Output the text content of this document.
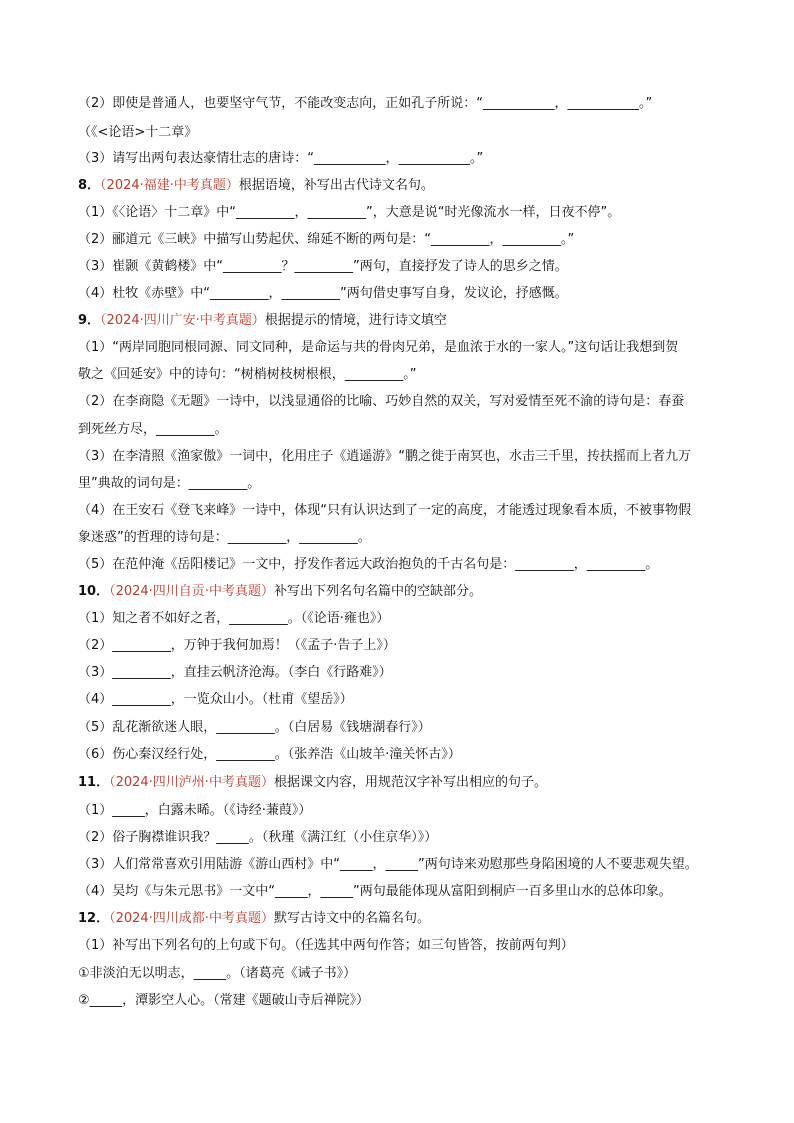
（2）即使是普通人，也要坚守气节，不能改变志向，正如孔子所说：“___________，___________。”
（《<论语>十二章》
（3）请写出两句表达豪情壮志的唐诗：“___________，___________。”
8．（2024·福建·中考真题）根据语境，补写出古代诗文名句。
（1）《〈论语〉十二章》中“_________，_________”，大意是说“时光像流水一样，日夜不停”。
（2）郦道元《三峡》中描写山势起伏、绵延不断的两句是：“_________，_________。”
（3）崔颢《黄鹤楼》中“_________？_________”两句，直接抒发了诗人的思乡之情。
（4）杜牧《赤壁》中“_________，_________”两句借史事写自身，发议论，抒感慨。
9．（2024·四川广安·中考真题）根据提示的情境，进行诗文填空
（1）“两岸同胞同根同源、同文同种，是命运与共的骨肉兄弟，是血浓于水的一家人。”这句话让我想到贺
敬之《回延安》中的诗句：“树梢树枝树根根，_________。”
（2）在李商隐《无题》一诗中，以浅显通俗的比喻、巧妙自然的双关，写对爱情至死不渝的诗句是：春蚕
到死丝方尽，_________。
（3）在李清照《渔家傲》一词中，化用庄子《逍遥游》“鹏之徙于南冥也，水击三千里，抟扶摇而上者九万
里”典故的词句是：_________。
（4）在王安石《登飞来峰》一诗中，体现“只有认识达到了一定的高度，才能透过现象看本质，不被事物假
象迷惑”的哲理的诗句是：_________，_________。
（5）在范仲淹《岳阳楼记》一文中，抒发作者远大政治抱负的千古名句是：_________，_________。
10．（2024·四川自贡·中考真题）补写出下列名句名篇中的空缺部分。
（1）知之者不如好之者，_________。（《论语·雍也》）
（2）_________，万钟于我何加焉！（《孟子·告子上》）
（3）_________，直挂云帆济沧海。（李白《行路难》）
（4）_________，一览众山小。（杜甫《望岳》）
（5）乱花渐欲迷人眼，_________。（白居易《钱塘湖春行》）
（6）伤心秦汉经行处，_________。（张养浩《山坡羊·潼关怀古》）
11．（2024·四川泸州·中考真题）根据课文内容，用规范汉字补写出相应的句子。
（1）_____，白露未晞。（《诗经·蒹葭》）
（2）俗子胸襟谁识我？_____。（秋瑾《满江红（小住京华）》）
（3）人们常常喜欢引用陆游《游山西村》中“_____，_____”两句诗来劝慰那些身陷困境的人不要悲观失望。
（4）吴均《与朱元思书》一文中“_____，_____”两句最能体现从富阳到桐庐一百多里山水的总体印象。
12．（2024·四川成都·中考真题）默写古诗文中的名篇名句。
（1）补写出下列名句的上句或下句。（任选其中两句作答；如三句皆答，按前两句判）
①非淡泊无以明志，_____。（诸葛亮《诫子书》）
②_____，潭影空人心。（常建《题破山寺后禅院》）
